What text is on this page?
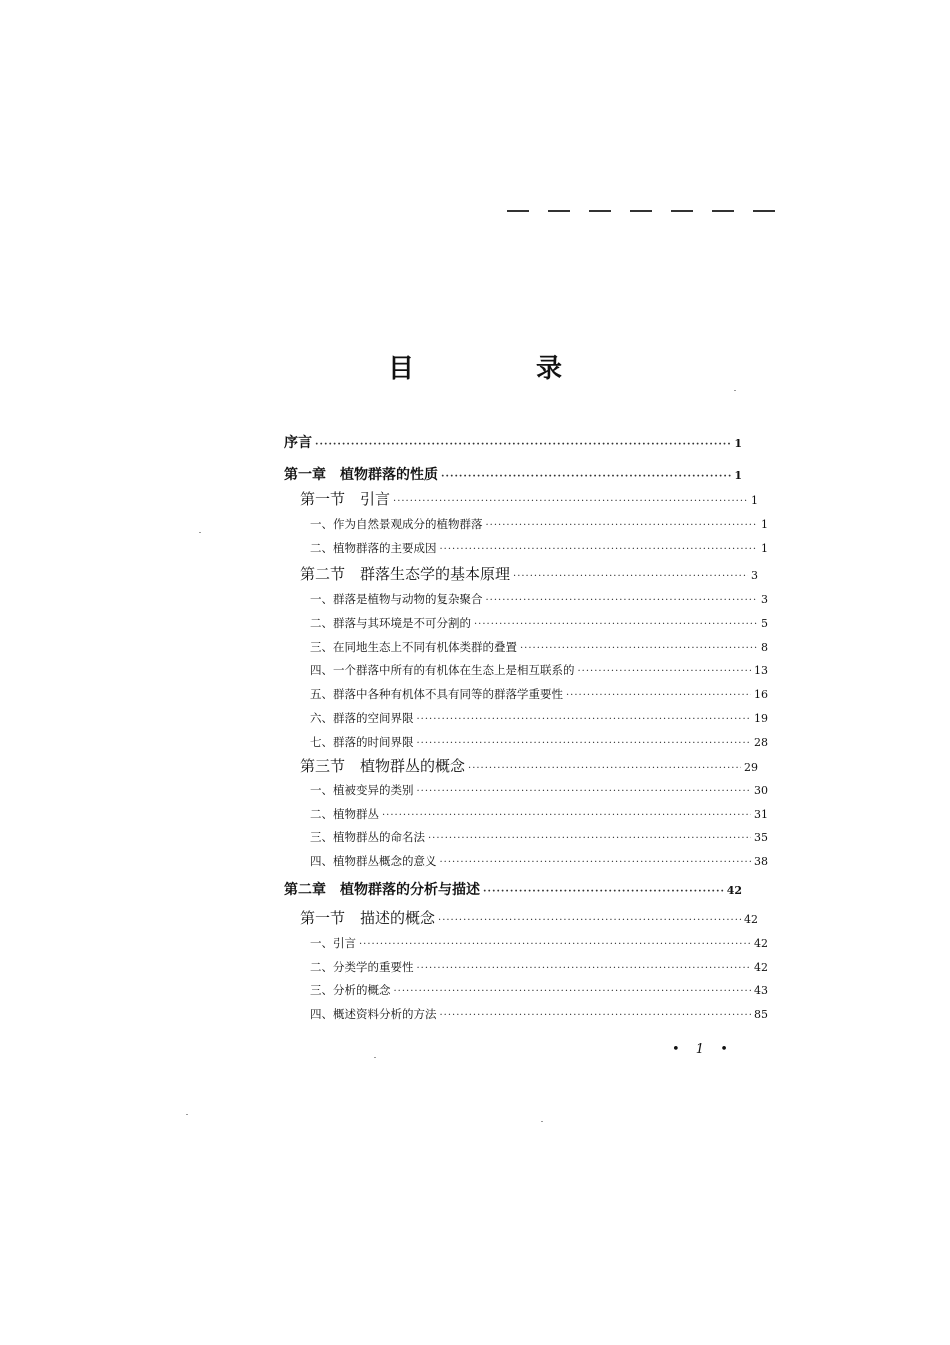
目　录
序言 ·····	1
第一章　植物群落的性质 ·····	1
第一节　引言 ·····	1
一、作为自然景观成分的植物群落 ·····	1
二、植物群落的主要成因 ·····	1
第二节　群落生态学的基本原理 ·····	3
一、群落是植物与动物的复杂聚合 ·····	3
二、群落与其环境是不可分割的 ·····	5
三、在同地生态上不同有机体类群的叠置 ·····	8
四、一个群落中所有的有机体在生态上是相互联系的 ·····	13
五、群落中各种有机体不具有同等的群落学重要性 ·····	16
六、群落的空间界限 ·····	19
七、群落的时间界限 ·····	28
第三节　植物群丛的概念 ·····	29
一、植被变异的类别 ·····	30
二、植物群丛 ·····	31
三、植物群丛的命名法 ·····	35
四、植物群丛概念的意义 ·····	38
第二章　植物群落的分析与描述 ·····	42
第一节　描述的概念 ·····	42
一、引言 ·····	42
二、分类学的重要性 ·····	42
三、分析的概念 ·····	43
四、概述资料分析的方法 ·····	85
• 1 •
